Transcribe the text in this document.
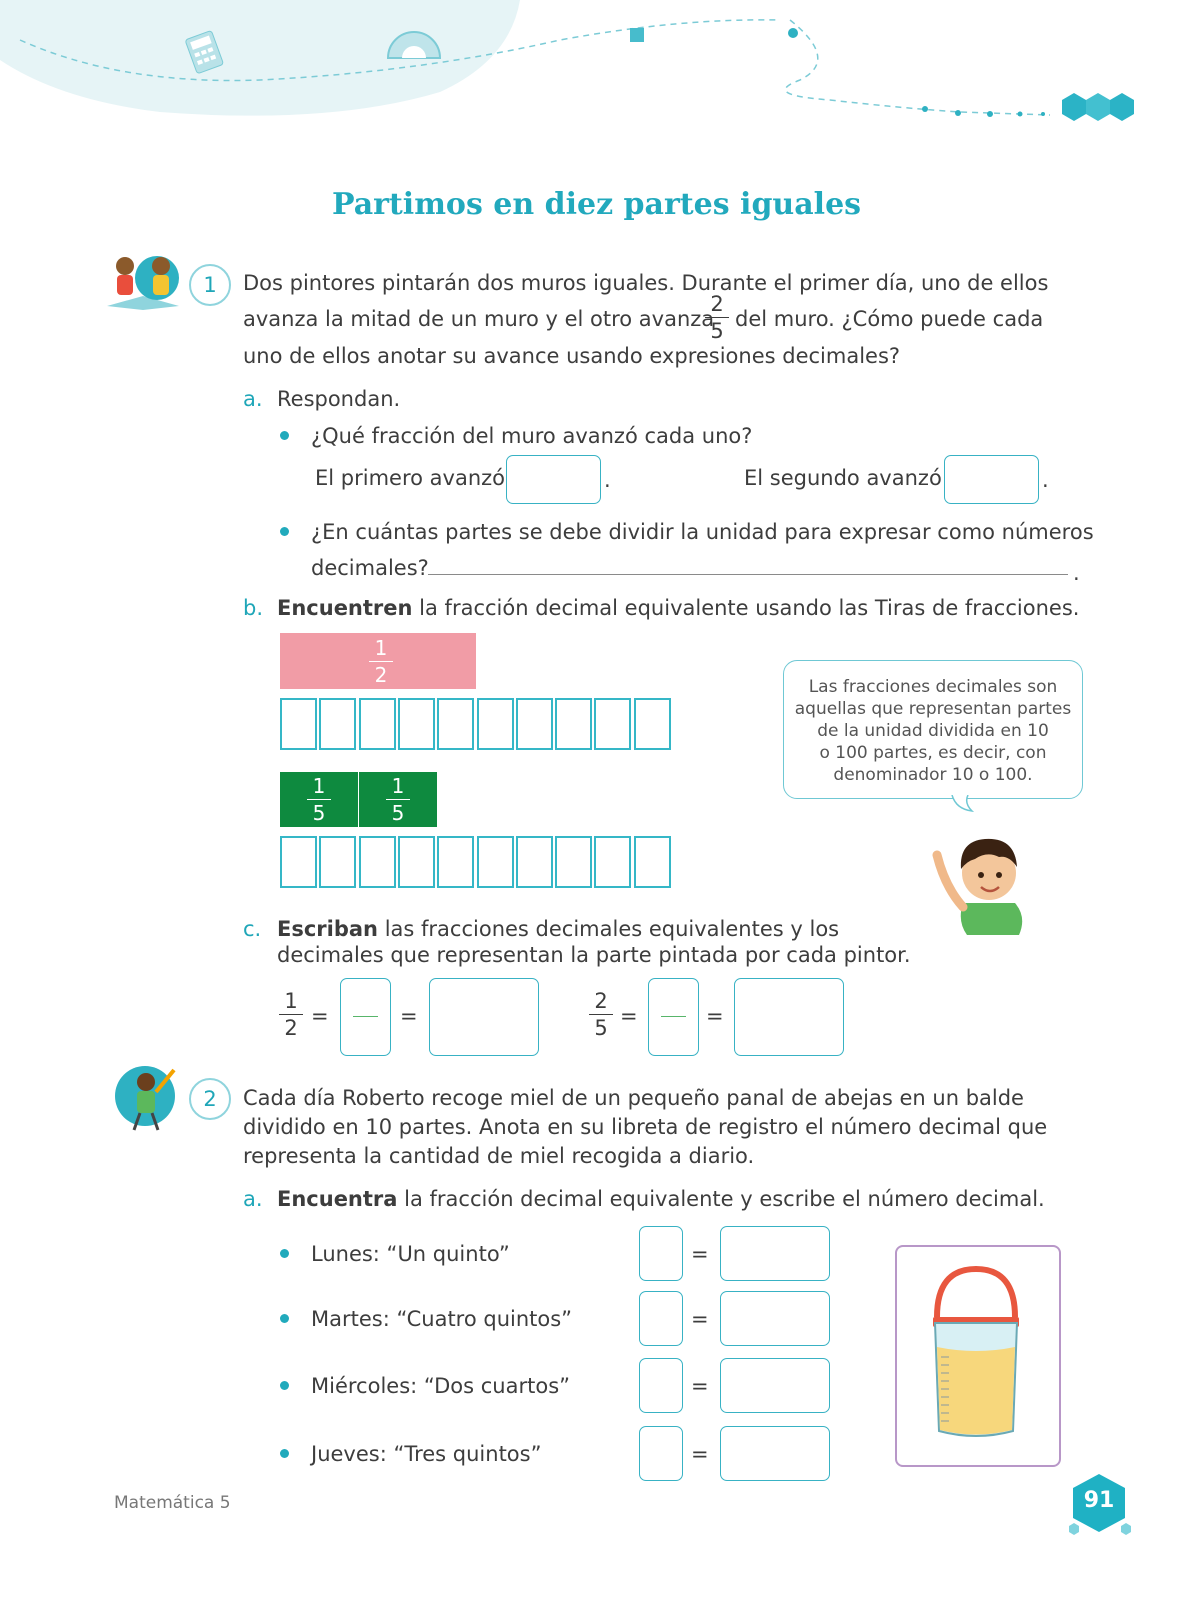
Partimos en diez partes iguales
1	Dos pintores pintarán dos muros iguales. Durante el primer día, uno de ellos
avanza la mitad de un muro y el otro avanza
2
5 del muro. ¿Cómo puede cada
uno de ellos anotar su avance usando expresiones decimales?
a. Respondan.
¿Qué fracción del muro avanzó cada uno?
El primero avanzó	.	El segundo avanzó	.
¿En cuántas partes se debe dividir la unidad para expresar como números
decimales?	.
b. Encuentren la fracción decimal equivalente usando las Tiras de fracciones.
1
2
1
5
1
5
Las fracciones decimales son
aquellas que representan partes
de la unidad dividida en 10
o 100 partes, es decir, con
denominador 10 o 100.
c. Escriban las fracciones decimales equivalentes y los
decimales que representan la parte pintada por cada pintor.
1
2 =	=
2
5 =	=
2	Cada día Roberto recoge miel de un pequeño panal de abejas en un balde
dividido en 10 partes. Anota en su libreta de registro el número decimal que
representa la cantidad de miel recogida a diario.
a. Encuentra la fracción decimal equivalente y escribe el número decimal.
Lunes: “Un quinto”	=
Martes: “Cuatro quintos”	=
Miércoles: “Dos cuartos”	=
Jueves: “Tres quintos”	=
Matemática 5	91
